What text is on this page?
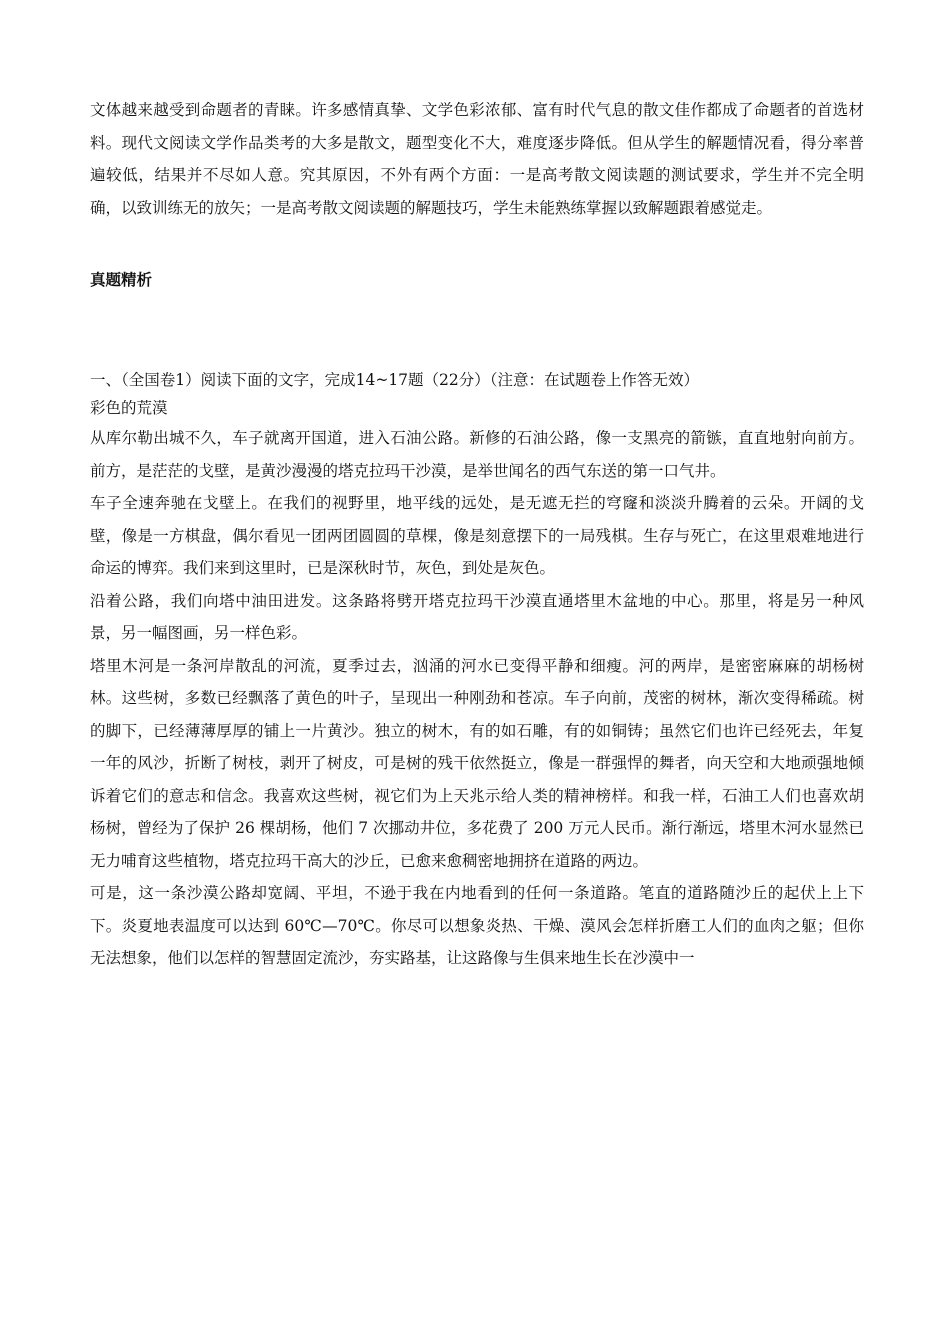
文体越来越受到命题者的青睐。许多感情真挚、文学色彩浓郁、富有时代气息的散文佳作都成了命题者的首选材料。现代文阅读文学作品类考的大多是散文，题型变化不大，难度逐步降低。但从学生的解题情况看，得分率普遍较低，结果并不尽如人意。究其原因，不外有两个方面：一是高考散文阅读题的测试要求，学生并不完全明确，以致训练无的放矢；一是高考散文阅读题的解题技巧，学生未能熟练掌握以致解题跟着感觉走。

真题精析

一、（全国卷1）阅读下面的文字，完成14~17题（22分）（注意：在试题卷上作答无效）

彩色的荒漠

从库尔勒出城不久，车子就离开国道，进入石油公路。新修的石油公路，像一支黑亮的箭镞，直直地射向前方。前方，是茫茫的戈壁，是黄沙漫漫的塔克拉玛干沙漠，是举世闻名的西气东送的第一口气井。

车子全速奔驰在戈壁上。在我们的视野里，地平线的远处，是无遮无拦的穹窿和淡淡升腾着的云朵。开阔的戈壁，像是一方棋盘，偶尔看见一团两团圆圆的草棵，像是刻意摆下的一局残棋。生存与死亡，在这里艰难地进行命运的博弈。我们来到这里时，已是深秋时节，灰色，到处是灰色。

沿着公路，我们向塔中油田进发。这条路将劈开塔克拉玛干沙漠直通塔里木盆地的中心。那里，将是另一种风景，另一幅图画，另一样色彩。

塔里木河是一条河岸散乱的河流，夏季过去，汹涌的河水已变得平静和细瘦。河的两岸，是密密麻麻的胡杨树林。这些树，多数已经飘落了黄色的叶子，呈现出一种刚劲和苍凉。车子向前，茂密的树林，渐次变得稀疏。树的脚下，已经薄薄厚厚的铺上一片黄沙。独立的树木，有的如石雕，有的如铜铸；虽然它们也许已经死去，年复一年的风沙，折断了树枝，剥开了树皮，可是树的残干依然挺立，像是一群强悍的舞者，向天空和大地顽强地倾诉着它们的意志和信念。我喜欢这些树，视它们为上天兆示给人类的精神榜样。和我一样，石油工人们也喜欢胡杨树，曾经为了保护 26 棵胡杨，他们 7 次挪动井位，多花费了 200 万元人民币。渐行渐远，塔里木河水显然已无力哺育这些植物，塔克拉玛干高大的沙丘，已愈来愈稠密地拥挤在道路的两边。

可是，这一条沙漠公路却宽阔、平坦，不逊于我在内地看到的任何一条道路。笔直的道路随沙丘的起伏上上下下。炎夏地表温度可以达到 60℃—70℃。你尽可以想象炎热、干燥、漠风会怎样折磨工人们的血肉之躯；但你无法想象，他们以怎样的智慧固定流沙，夯实路基，让这路像与生俱来地生长在沙漠中一
